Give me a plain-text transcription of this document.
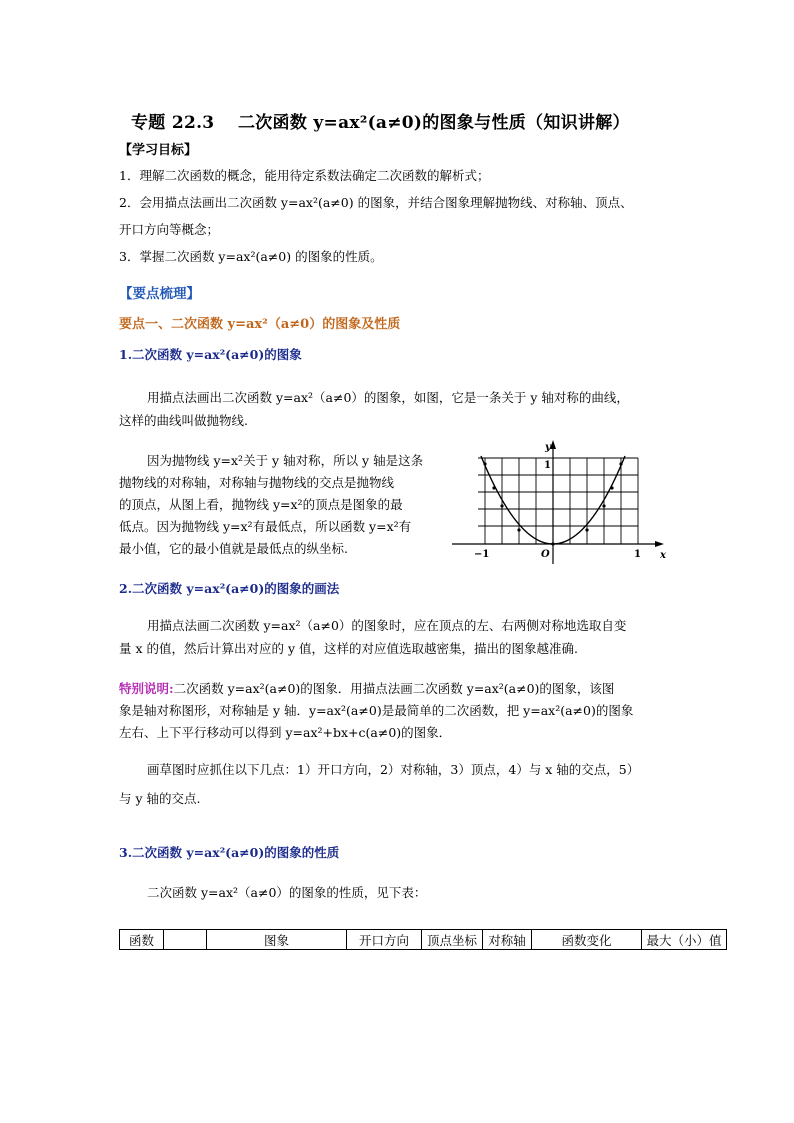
专题 22.3　 二次函数 y=ax²(a≠0)的图象与性质（知识讲解）
【学习目标】
1．理解二次函数的概念，能用待定系数法确定二次函数的解析式；
2．会用描点法画出二次函数 y=ax²(a≠0) 的图象，并结合图象理解抛物线、对称轴、顶点、
开口方向等概念；
3．掌握二次函数 y=ax²(a≠0) 的图象的性质。
【要点梳理】
要点一、二次函数 y=ax²（a≠0）的图象及性质
1.二次函数 y=ax²(a≠0)的图象
用描点法画出二次函数 y=ax²（a≠0）的图象，如图，它是一条关于 y 轴对称的曲线，
这样的曲线叫做抛物线.
因为抛物线 y=x²关于 y 轴对称，所以 y 轴是这条
抛物线的对称轴，对称轴与抛物线的交点是抛物线
的顶点，从图上看，抛物线 y=x²的顶点是图象的最
低点。因为抛物线 y=x²有最低点，所以函数 y=x²有
最小值，它的最小值就是最低点的纵坐标.
y
x
−1	1
1
O
2.二次函数 y=ax²(a≠0)的图象的画法
用描点法画二次函数 y=ax²（a≠0）的图象时，应在顶点的左、右两侧对称地选取自变
量 x 的值，然后计算出对应的 y 值，这样的对应值选取越密集，描出的图象越准确.
特别说明:二次函数 y=ax²(a≠0)的图象．用描点法画二次函数 y=ax²(a≠0)的图象，该图
象是轴对称图形，对称轴是 y 轴．y=ax²(a≠0)是最简单的二次函数，把 y=ax²(a≠0)的图象
左右、上下平行移动可以得到 y=ax²+bx+c(a≠0)的图象．
画草图时应抓住以下几点：1）开口方向，2）对称轴，3）顶点，4）与 x 轴的交点，5）
与 y 轴的交点.
3.二次函数 y=ax²(a≠0)的图象的性质
二次函数 y=ax²（a≠0）的图象的性质，见下表：
函数		图象	开口方向	顶点坐标	对称轴	函数变化	最大（小）值
